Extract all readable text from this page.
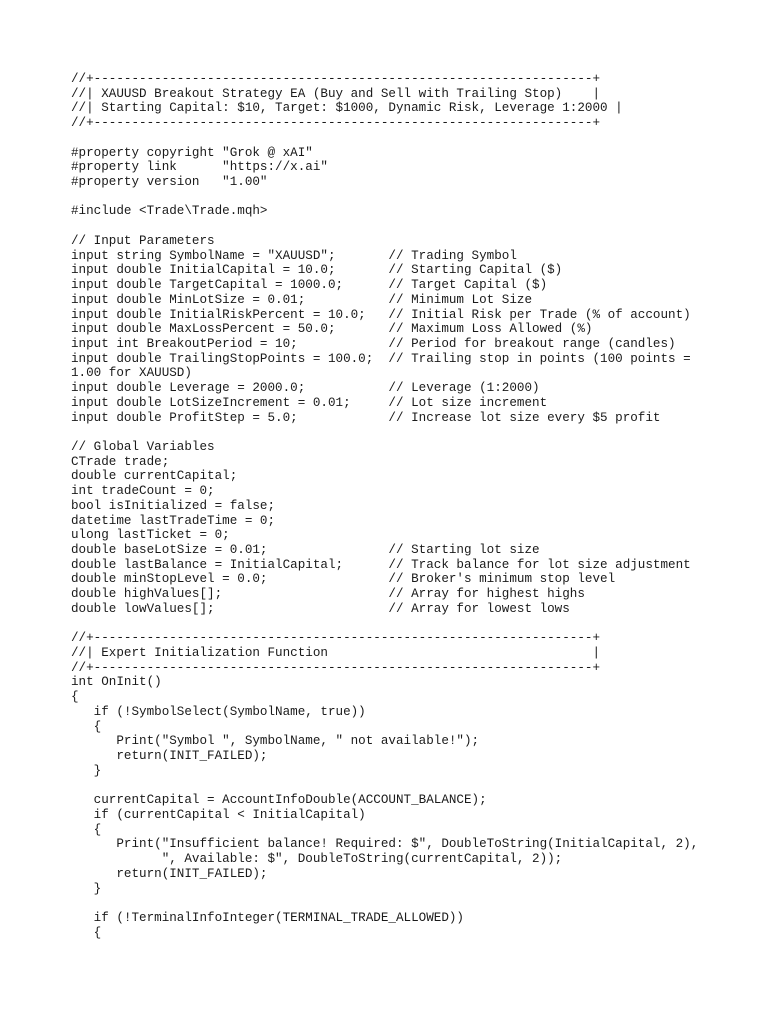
//+------------------------------------------------------------------+
//| XAUUSD Breakout Strategy EA (Buy and Sell with Trailing Stop)    |
//| Starting Capital: $10, Target: $1000, Dynamic Risk, Leverage 1:2000 |
//+------------------------------------------------------------------+

#property copyright "Grok @ xAI"
#property link      "https://x.ai"
#property version   "1.00"

#include <Trade\Trade.mqh>

// Input Parameters
input string SymbolName = "XAUUSD";       // Trading Symbol
input double InitialCapital = 10.0;       // Starting Capital ($)
input double TargetCapital = 1000.0;      // Target Capital ($)
input double MinLotSize = 0.01;           // Minimum Lot Size
input double InitialRiskPercent = 10.0;   // Initial Risk per Trade (% of account)
input double MaxLossPercent = 50.0;       // Maximum Loss Allowed (%)
input int BreakoutPeriod = 10;            // Period for breakout range (candles)
input double TrailingStopPoints = 100.0;  // Trailing stop in points (100 points =
1.00 for XAUUSD)
input double Leverage = 2000.0;           // Leverage (1:2000)
input double LotSizeIncrement = 0.01;     // Lot size increment
input double ProfitStep = 5.0;            // Increase lot size every $5 profit

// Global Variables
CTrade trade;
double currentCapital;
int tradeCount = 0;
bool isInitialized = false;
datetime lastTradeTime = 0;
ulong lastTicket = 0;
double baseLotSize = 0.01;                // Starting lot size
double lastBalance = InitialCapital;      // Track balance for lot size adjustment
double minStopLevel = 0.0;                // Broker's minimum stop level
double highValues[];                      // Array for highest highs
double lowValues[];                       // Array for lowest lows

//+------------------------------------------------------------------+
//| Expert Initialization Function                                   |
//+------------------------------------------------------------------+
int OnInit()
{
if (!SymbolSelect(SymbolName, true))
{
Print("Symbol ", SymbolName, " not available!");
return(INIT_FAILED);
}

currentCapital = AccountInfoDouble(ACCOUNT_BALANCE);
if (currentCapital < InitialCapital)
{
Print("Insufficient balance! Required: $", DoubleToString(InitialCapital, 2),
", Available: $", DoubleToString(currentCapital, 2));
return(INIT_FAILED);
}

if (!TerminalInfoInteger(TERMINAL_TRADE_ALLOWED))
{
